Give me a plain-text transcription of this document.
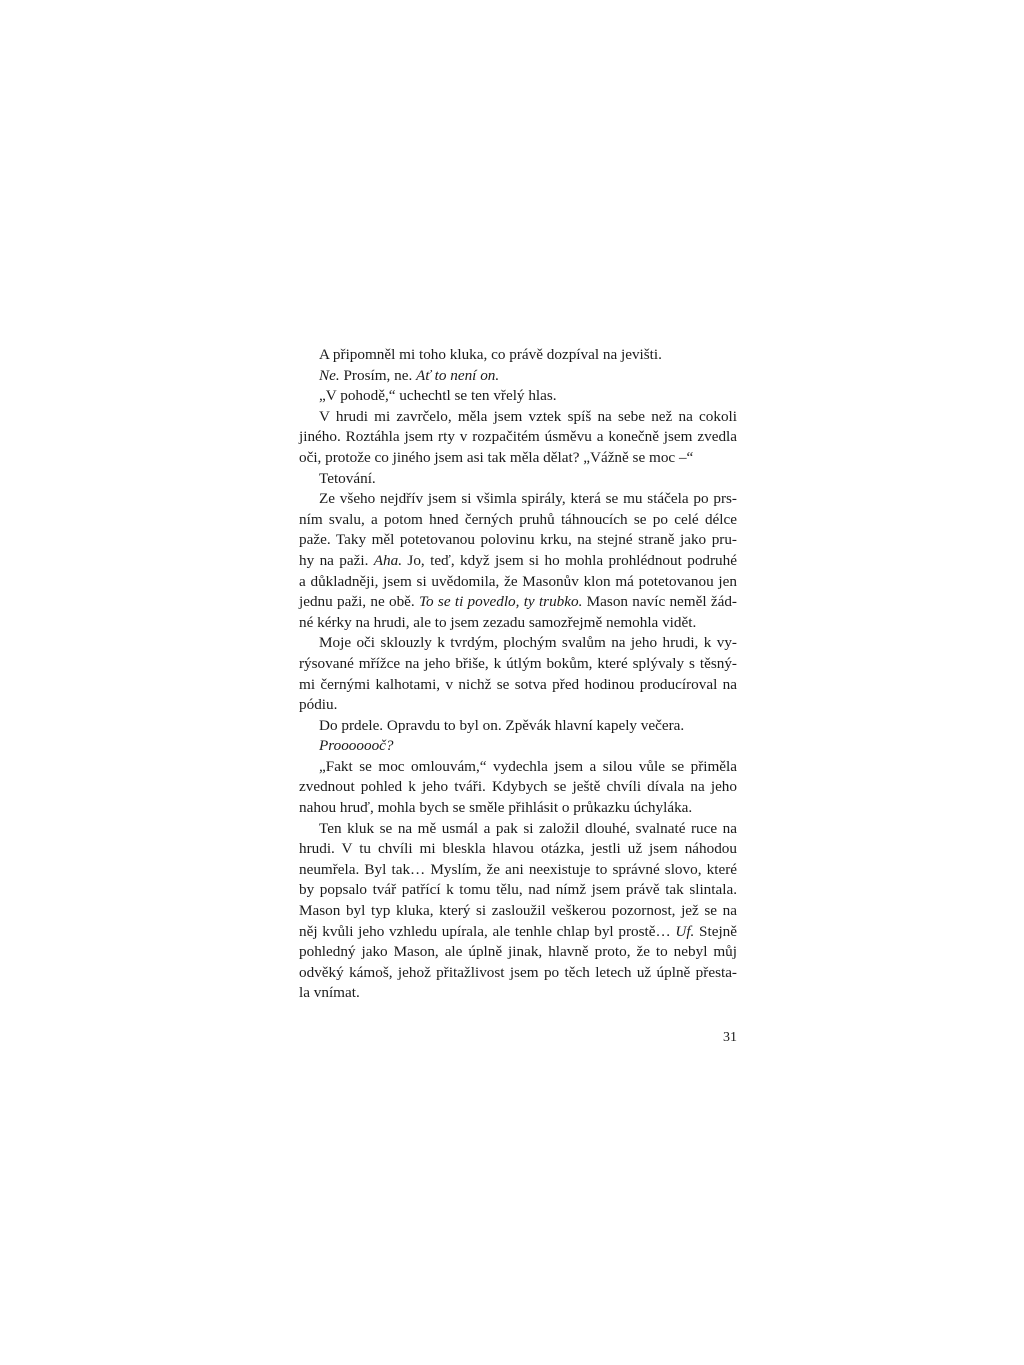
A připomněl mi toho kluka, co právě dozpíval na jevišti.
Ne. Prosím, ne. Ať to není on.
„V pohodě,“ uchechtl se ten vřelý hlas.
V hrudi mi zavrčelo, měla jsem vztek spíš na sebe než na cokoli
jiného. Roztáhla jsem rty v rozpačitém úsměvu a konečně jsem zvedla
oči, protože co jiného jsem asi tak měla dělat? „Vážně se moc –“
Tetování.
Ze všeho nejdřív jsem si všimla spirály, která se mu stáčela po prs-
ním svalu, a potom hned černých pruhů táhnoucích se po celé délce
paže. Taky měl potetovanou polovinu krku, na stejné straně jako pru-
hy na paži. Aha. Jo, teď, když jsem si ho mohla prohlédnout podruhé
a důkladněji, jsem si uvědomila, že Masonův klon má potetovanou jen
jednu paži, ne obě. To se ti povedlo, ty trubko. Mason navíc neměl žád-
né kérky na hrudi, ale to jsem zezadu samozřejmě nemohla vidět.
Moje oči sklouzly k tvrdým, plochým svalům na jeho hrudi, k vy-
rýsované mřížce na jeho břiše, k útlým bokům, které splývaly s těsný-
mi černými kalhotami, v nichž se sotva před hodinou producíroval na
pódiu.
Do prdele. Opravdu to byl on. Zpěvák hlavní kapely večera.
Prooooooč?
„Fakt se moc omlouvám,“ vydechla jsem a silou vůle se přiměla
zvednout pohled k jeho tváři. Kdybych se ještě chvíli dívala na jeho
nahou hruď, mohla bych se směle přihlásit o průkazku úchyláka.
Ten kluk se na mě usmál a pak si založil dlouhé, svalnaté ruce na
hrudi. V tu chvíli mi bleskla hlavou otázka, jestli už jsem náhodou
neumřela. Byl tak… Myslím, že ani neexistuje to správné slovo, které
by popsalo tvář patřící k tomu tělu, nad nímž jsem právě tak slintala.
Mason byl typ kluka, který si zasloužil veškerou pozornost, jež se na
něj kvůli jeho vzhledu upírala, ale tenhle chlap byl prostě… Uf. Stejně
pohledný jako Mason, ale úplně jinak, hlavně proto, že to nebyl můj
odvěký kámoš, jehož přitažlivost jsem po těch letech už úplně přesta-
la vnímat.
31
